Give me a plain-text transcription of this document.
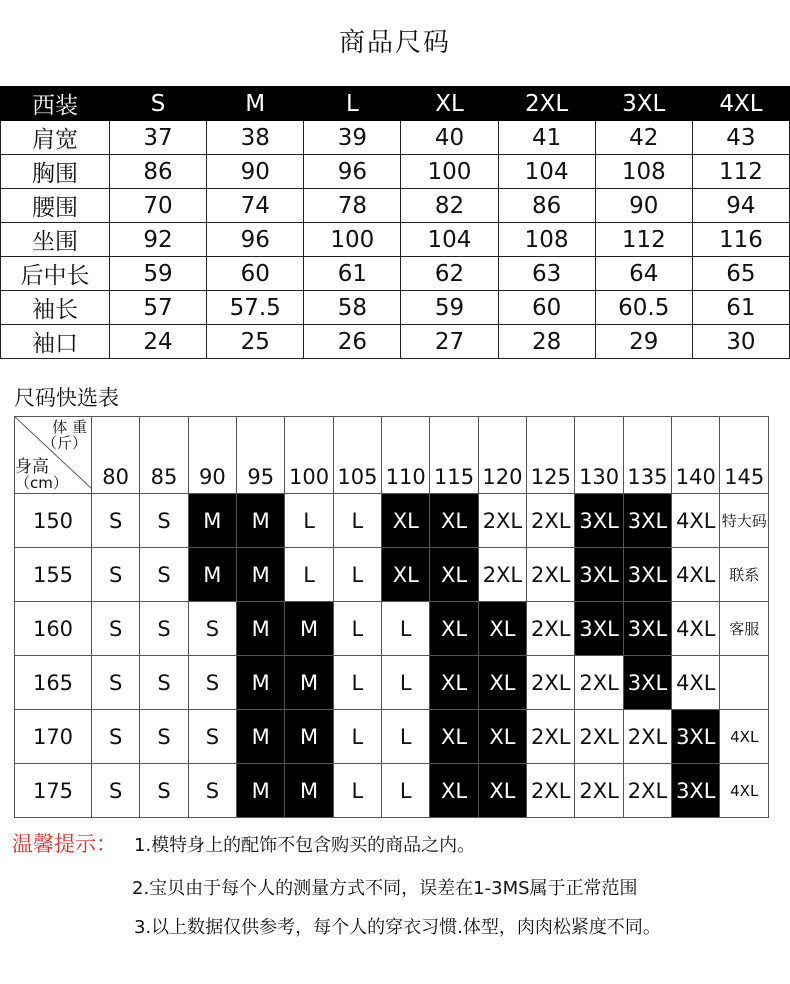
商品尺码
西装	S	M	L	XL	2XL	3XL	4XL
肩宽	37	38	39	40	41	42	43
胸围	86	90	96	100	104	108	112
腰围	70	74	78	82	86	90	94
坐围	92	96	100	104	108	112	116
后中长	59	60	61	62	63	64	65
袖长	57	57.5	58	59	60	60.5	61
袖口	24	25	26	27	28	29	30
尺码快选表
体 重
（斤）
身高
（cm）	80	85	90	95	100	105	110	115	120	125	130	135	140	145
150	S	S	M	M	L	L	XL	XL	2XL	2XL	3XL	3XL	4XL	特大码
155	S	S	M	M	L	L	XL	XL	2XL	2XL	3XL	3XL	4XL	联系
160	S	S	S	M	M	L	L	XL	XL	2XL	3XL	3XL	4XL	客服
165	S	S	S	M	M	L	L	XL	XL	2XL	2XL	3XL	4XL	
170	S	S	S	M	M	L	L	XL	XL	2XL	2XL	2XL	3XL	4XL
175	S	S	S	M	M	L	L	XL	XL	2XL	2XL	2XL	3XL	4XL
温馨提示： 1.模特身上的配饰不包含购买的商品之内。
2.宝贝由于每个人的测量方式不同，误差在1-3MS属于正常范围
3.以上数据仅供参考，每个人的穿衣习惯.体型，肉肉松紧度不同。
